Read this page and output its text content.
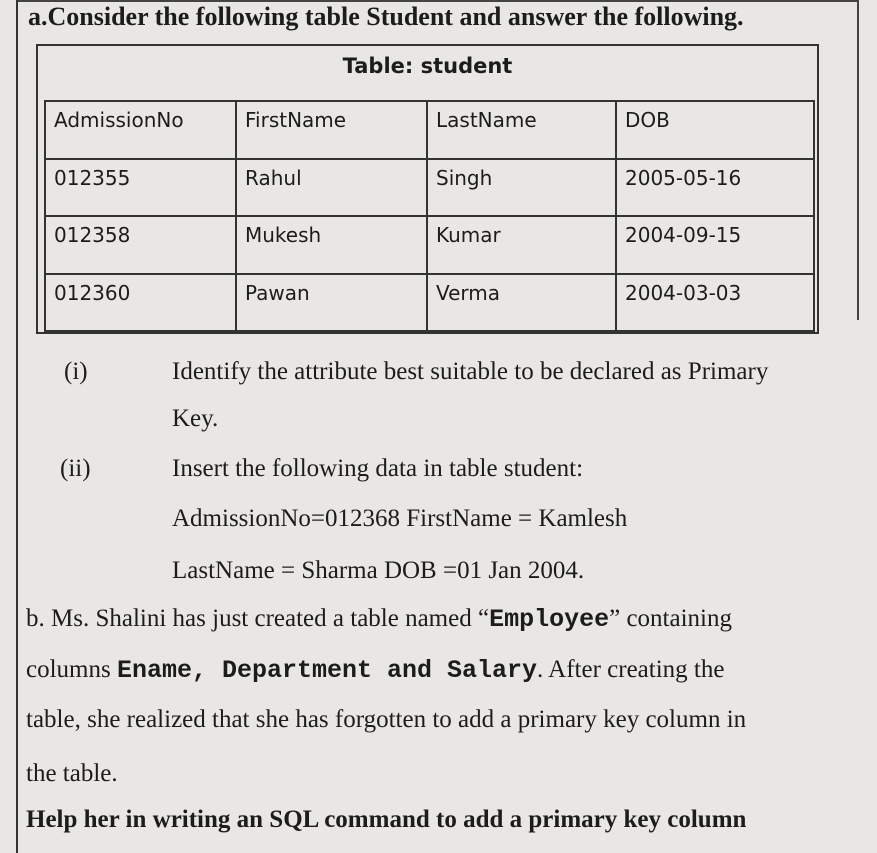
a.Consider the following table Student and answer the following.
Table: student
AdmissionNo	FirstName	LastName	DOB
012355	Rahul	Singh	2005-05-16
012358	Mukesh	Kumar	2004-09-15
012360	Pawan	Verma	2004-03-03
(i)	Identify the attribute best suitable to be declared as Primary
Key.
(ii)	Insert the following data in table student:
AdmissionNo=012368 FirstName = Kamlesh
LastName = Sharma DOB =01 Jan 2004.
b. Ms. Shalini has just created a table named “Employee” containing
columns Ename, Department and Salary. After creating the
table, she realized that she has forgotten to add a primary key column in
the table.
Help her in writing an SQL command to add a primary key column
